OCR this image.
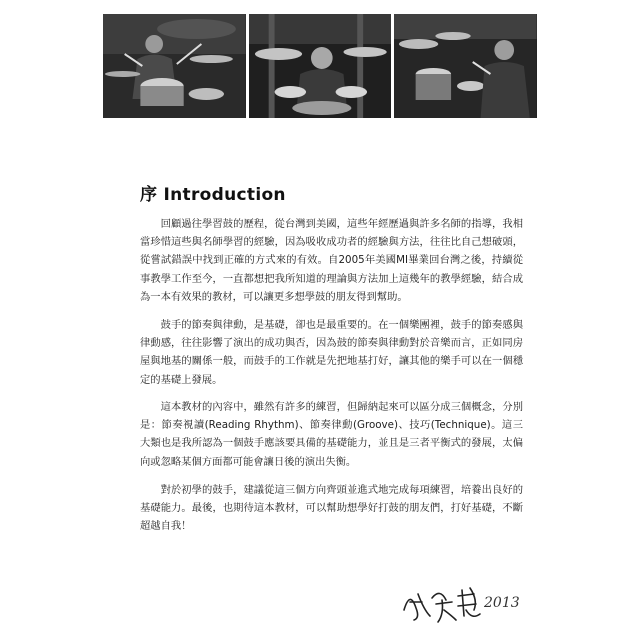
序 Introduction

回顧過往學習鼓的歷程，從台灣到美國，這些年經歷過與許多名師的指導，我相當珍惜這些與名師學習的經驗，因為吸收成功者的經驗與方法，往往比自己想破頭，從嘗試錯誤中找到正確的方式來的有效。自2005年美國MI畢業回台灣之後，持續從事教學工作至今，一直都想把我所知道的理論與方法加上這幾年的教學經驗，結合成為一本有效果的教材，可以讓更多想學鼓的朋友得到幫助。

鼓手的節奏與律動，是基礎，卻也是最重要的。在一個樂團裡，鼓手的節奏感與律動感，往往影響了演出的成功與否，因為鼓的節奏與律動對於音樂而言，正如同房屋與地基的關係一般，而鼓手的工作就是先把地基打好，讓其他的樂手可以在一個穩定的基礎上發展。

這本教材的內容中，雖然有許多的練習，但歸納起來可以區分成三個概念，分別是：節奏視讀(Reading Rhythm)、節奏律動(Groove)、技巧(Technique)。這三大類也是我所認為一個鼓手應該要具備的基礎能力，並且是三者平衡式的發展，太偏向或忽略某個方面都可能會讓日後的演出失衡。

對於初學的鼓手，建議從這三個方向齊頭並進式地完成每項練習，培養出良好的基礎能力。最後，也期待這本教材，可以幫助想學好打鼓的朋友們，打好基礎，不斷超越自我！

2013
